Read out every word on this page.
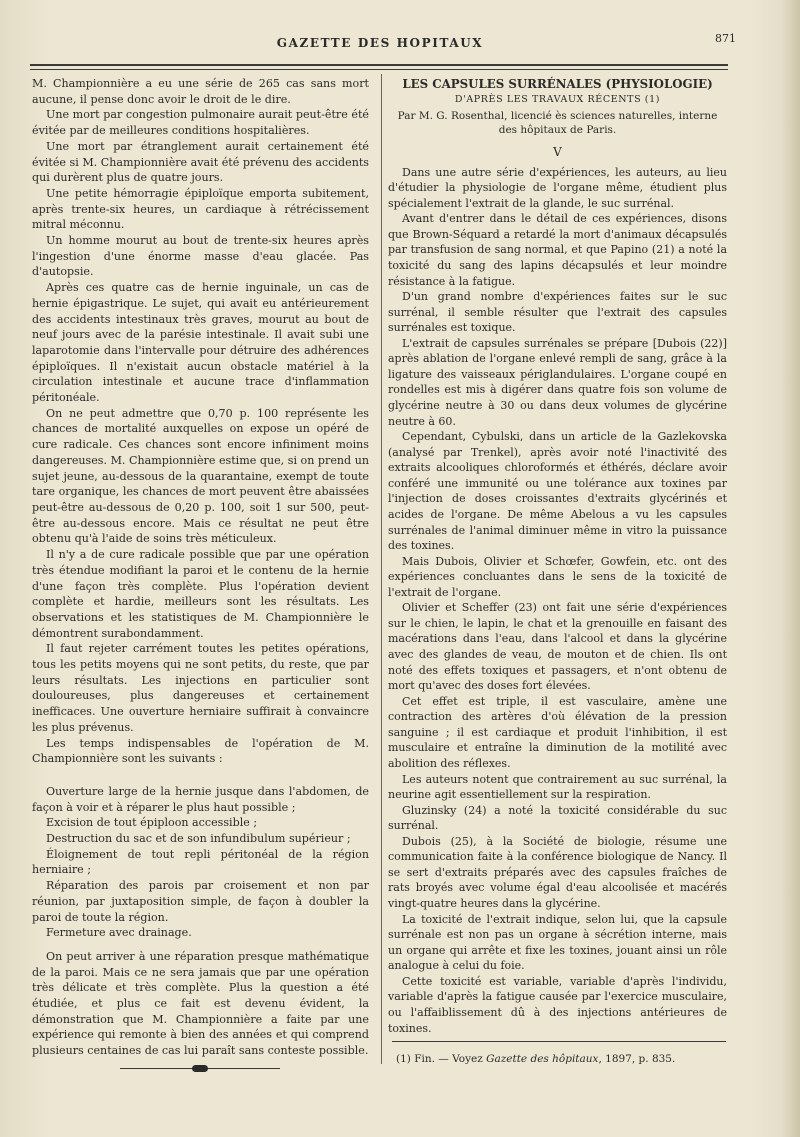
GAZETTE DES HOPITAUX	871

M. Championnière a eu une série de 265 cas sans mort aucune, il pense donc avoir le droit de le dire.

Une mort par congestion pulmonaire aurait peut-être été évitée par de meilleures conditions hospitalières.

Une mort par étranglement aurait certainement été évitée si M. Championnière avait été prévenu des accidents qui durèrent plus de quatre jours.

Une petite hémorragie épiploïque emporta subitement, après trente-six heures, un cardiaque à rétrécissement mitral méconnu.

Un homme mourut au bout de trente-six heures après l'ingestion d'une énorme masse d'eau glacée. Pas d'autopsie.

Après ces quatre cas de hernie inguinale, un cas de hernie épigastrique. Le sujet, qui avait eu antérieurement des accidents intestinaux très graves, mourut au bout de neuf jours avec de la parésie intestinale. Il avait subi une laparotomie dans l'intervalle pour détruire des adhérences épiploïques. Il n'existait aucun obstacle matériel à la circulation intestinale et aucune trace d'inflammation péritonéale.

On ne peut admettre que 0,70 p. 100 représente les chances de mortalité auxquelles on expose un opéré de cure radicale. Ces chances sont encore infiniment moins dangereuses. M. Championnière estime que, si on prend un sujet jeune, au-dessous de la quarantaine, exempt de toute tare organique, les chances de mort peuvent être abaissées peut-être au-dessous de 0,20 p. 100, soit 1 sur 500, peut-être au-dessous encore. Mais ce résultat ne peut être obtenu qu'à l'aide de soins très méticuleux.

Il n'y a de cure radicale possible que par une opération très étendue modifiant la paroi et le contenu de la hernie d'une façon très complète. Plus l'opération devient complète et hardie, meilleurs sont les résultats. Les observations et les statistiques de M. Championnière le démontrent surabondamment.

Il faut rejeter carrément toutes les petites opérations, tous les petits moyens qui ne sont petits, du reste, que par leurs résultats. Les injections en particulier sont douloureuses, plus dangereuses et certainement inefficaces. Une ouverture herniaire suffirait à convaincre les plus prévenus.

Les temps indispensables de l'opération de M. Championnière sont les suivants :

Ouverture large de la hernie jusque dans l'abdomen, de façon à voir et à réparer le plus haut possible ;

Excision de tout épiploon accessible ;

Destruction du sac et de son infundibulum supérieur ;

Éloignement de tout repli péritonéal de la région herniaire ;

Réparation des parois par croisement et non par réunion, par juxtaposition simple, de façon à doubler la paroi de toute la région.

Fermeture avec drainage.

On peut arriver à une réparation presque mathématique de la paroi. Mais ce ne sera jamais que par une opération très délicate et très complète. Plus la question a été étudiée, et plus ce fait est devenu évident, la démonstration que M. Championnière a faite par une expérience qui remonte à bien des années et qui comprend plusieurs centaines de cas lui paraît sans conteste possible.

LES CAPSULES SURRÉNALES (PHYSIOLOGIE)
D'APRÈS LES TRAVAUX RÉCENTS (1)
Par M. G. Rosenthal, licencié ès sciences naturelles, interne des hôpitaux de Paris.
V

Dans une autre série d'expériences, les auteurs, au lieu d'étudier la physiologie de l'organe même, étudient plus spécialement l'extrait de la glande, le suc surrénal.

Avant d'entrer dans le détail de ces expériences, disons que Brown-Séquard a retardé la mort d'animaux décapsulés par transfusion de sang normal, et que Papino (21) a noté la toxicité du sang des lapins décapsulés et leur moindre résistance à la fatigue.

D'un grand nombre d'expériences faites sur le suc surrénal, il semble résulter que l'extrait des capsules surrénales est toxique.

L'extrait de capsules surrénales se prépare [Dubois (22)] après ablation de l'organe enlevé rempli de sang, grâce à la ligature des vaisseaux périglandulaires. L'organe coupé en rondelles est mis à digérer dans quatre fois son volume de glycérine neutre à 30 ou dans deux volumes de glycérine neutre à 60.

Cependant, Cybulski, dans un article de la Gazlekovska (analysé par Trenkel), après avoir noté l'inactivité des extraits alcooliques chloroformés et éthérés, déclare avoir conféré une immunité ou une tolérance aux toxines par l'injection de doses croissantes d'extraits glycérinés et acides de l'organe. De même Abelous a vu les capsules surrénales de l'animal diminuer même in vitro la puissance des toxines.

Mais Dubois, Olivier et Schœfer, Gowfein, etc. ont des expériences concluantes dans le sens de la toxicité de l'extrait de l'organe.

Olivier et Scheffer (23) ont fait une série d'expériences sur le chien, le lapin, le chat et la grenouille en faisant des macérations dans l'eau, dans l'alcool et dans la glycérine avec des glandes de veau, de mouton et de chien. Ils ont noté des effets toxiques et passagers, et n'ont obtenu de mort qu'avec des doses fort élevées.

Cet effet est triple, il est vasculaire, amène une contraction des artères d'où élévation de la pression sanguine ; il est cardiaque et produit l'inhibition, il est musculaire et entraîne la diminution de la motilité avec abolition des réflexes.

Les auteurs notent que contrairement au suc surrénal, la neurine agit essentiellement sur la respiration.

Gluzinsky (24) a noté la toxicité considérable du suc surrénal.

Dubois (25), à la Société de biologie, résume une communication faite à la conférence biologique de Nancy. Il se sert d'extraits préparés avec des capsules fraîches de rats broyés avec volume égal d'eau alcoolisée et macérés vingt-quatre heures dans la glycérine.

La toxicité de l'extrait indique, selon lui, que la capsule surrénale est non pas un organe à sécrétion interne, mais un organe qui arrête et fixe les toxines, jouant ainsi un rôle analogue à celui du foie.

Cette toxicité est variable, variable d'après l'individu, variable d'après la fatigue causée par l'exercice musculaire, ou l'affaiblissement dû à des injections antérieures de toxines.

(1) Fin. — Voyez Gazette des hôpitaux, 1897, p. 835.
